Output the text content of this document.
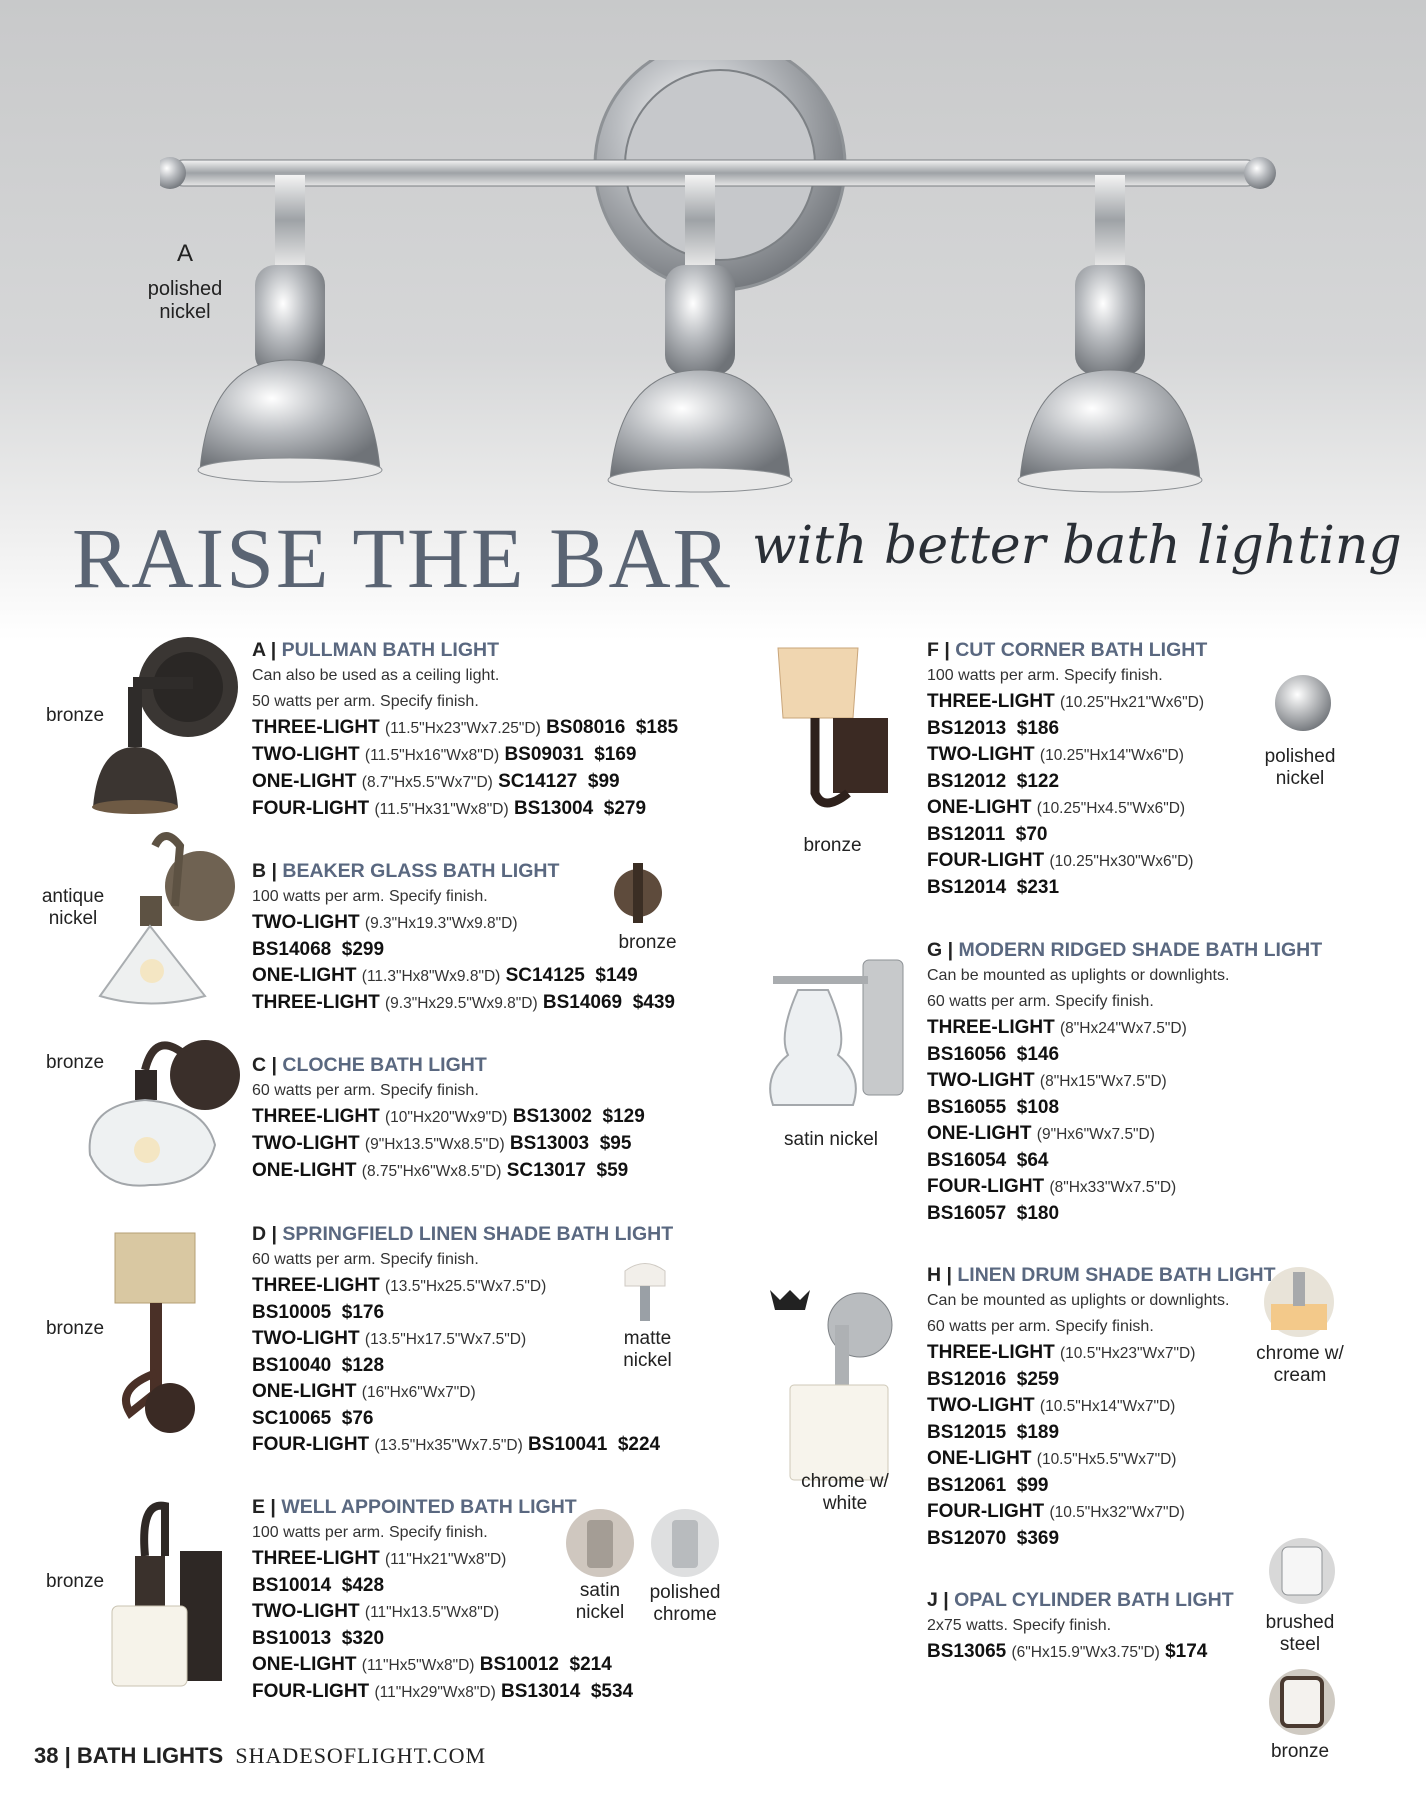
A
polished nickel
RAISE THE BAR with better bath lighting
bronze
antique nickel
bronze
bronze
bronze	matte nickel
bronze	satin nickel
polished chrome
bronze
polished nickel
satin nickel
chrome w/ white
chrome w/ cream
brushed steel
bronze
A | PULLMAN BATH LIGHT
Can also be used as a ceiling light.
50 watts per arm. Specify finish.
THREE-LIGHT (11.5"Hx23"Wx7.25"D) BS08016 $185
TWO-LIGHT (11.5"Hx16"Wx8"D) BS09031 $169
ONE-LIGHT (8.7"Hx5.5"Wx7"D) SC14127 $99
FOUR-LIGHT (11.5"Hx31"Wx8"D) BS13004 $279
B | BEAKER GLASS BATH LIGHT
100 watts per arm. Specify finish.
TWO-LIGHT (9.3"Hx19.3"Wx9.8"D)
BS14068 $299
ONE-LIGHT (11.3"Hx8"Wx9.8"D) SC14125 $149
THREE-LIGHT (9.3"Hx29.5"Wx9.8"D) BS14069 $439
C | CLOCHE BATH LIGHT
60 watts per arm. Specify finish.
THREE-LIGHT (10"Hx20"Wx9"D) BS13002 $129
TWO-LIGHT (9"Hx13.5"Wx8.5"D) BS13003 $95
ONE-LIGHT (8.75"Hx6"Wx8.5"D) SC13017 $59
D | SPRINGFIELD LINEN SHADE BATH LIGHT
60 watts per arm. Specify finish.
THREE-LIGHT (13.5"Hx25.5"Wx7.5"D)
BS10005 $176
TWO-LIGHT (13.5"Hx17.5"Wx7.5"D)
BS10040 $128
ONE-LIGHT (16"Hx6"Wx7"D)
SC10065 $76
FOUR-LIGHT (13.5"Hx35"Wx7.5"D) BS10041 $224
E | WELL APPOINTED BATH LIGHT
100 watts per arm. Specify finish.
THREE-LIGHT (11"Hx21"Wx8"D)
BS10014 $428
TWO-LIGHT (11"Hx13.5"Wx8"D)
BS10013 $320
ONE-LIGHT (11"Hx5"Wx8"D) BS10012 $214
FOUR-LIGHT (11"Hx29"Wx8"D) BS13014 $534
F | CUT CORNER BATH LIGHT
100 watts per arm. Specify finish.
THREE-LIGHT (10.25"Hx21"Wx6"D)
BS12013 $186
TWO-LIGHT (10.25"Hx14"Wx6"D)
BS12012 $122
ONE-LIGHT (10.25"Hx4.5"Wx6"D)
BS12011 $70
FOUR-LIGHT (10.25"Hx30"Wx6"D)
BS12014 $231
G | MODERN RIDGED SHADE BATH LIGHT
Can be mounted as uplights or downlights.
60 watts per arm. Specify finish.
THREE-LIGHT (8"Hx24"Wx7.5"D)
BS16056 $146
TWO-LIGHT (8"Hx15"Wx7.5"D)
BS16055 $108
ONE-LIGHT (9"Hx6"Wx7.5"D)
BS16054 $64
FOUR-LIGHT (8"Hx33"Wx7.5"D)
BS16057 $180
H | LINEN DRUM SHADE BATH LIGHT
Can be mounted as uplights or downlights.
60 watts per arm. Specify finish.
THREE-LIGHT (10.5"Hx23"Wx7"D)
BS12016 $259
TWO-LIGHT (10.5"Hx14"Wx7"D)
BS12015 $189
ONE-LIGHT (10.5"Hx5.5"Wx7"D)
BS12061 $99
FOUR-LIGHT (10.5"Hx32"Wx7"D)
BS12070 $369
J | OPAL CYLINDER BATH LIGHT
2x75 watts. Specify finish.
BS13065 (6"Hx15.9"Wx3.75"D) $174
38 | BATH LIGHTS SHADESOFLIGHT.COM
